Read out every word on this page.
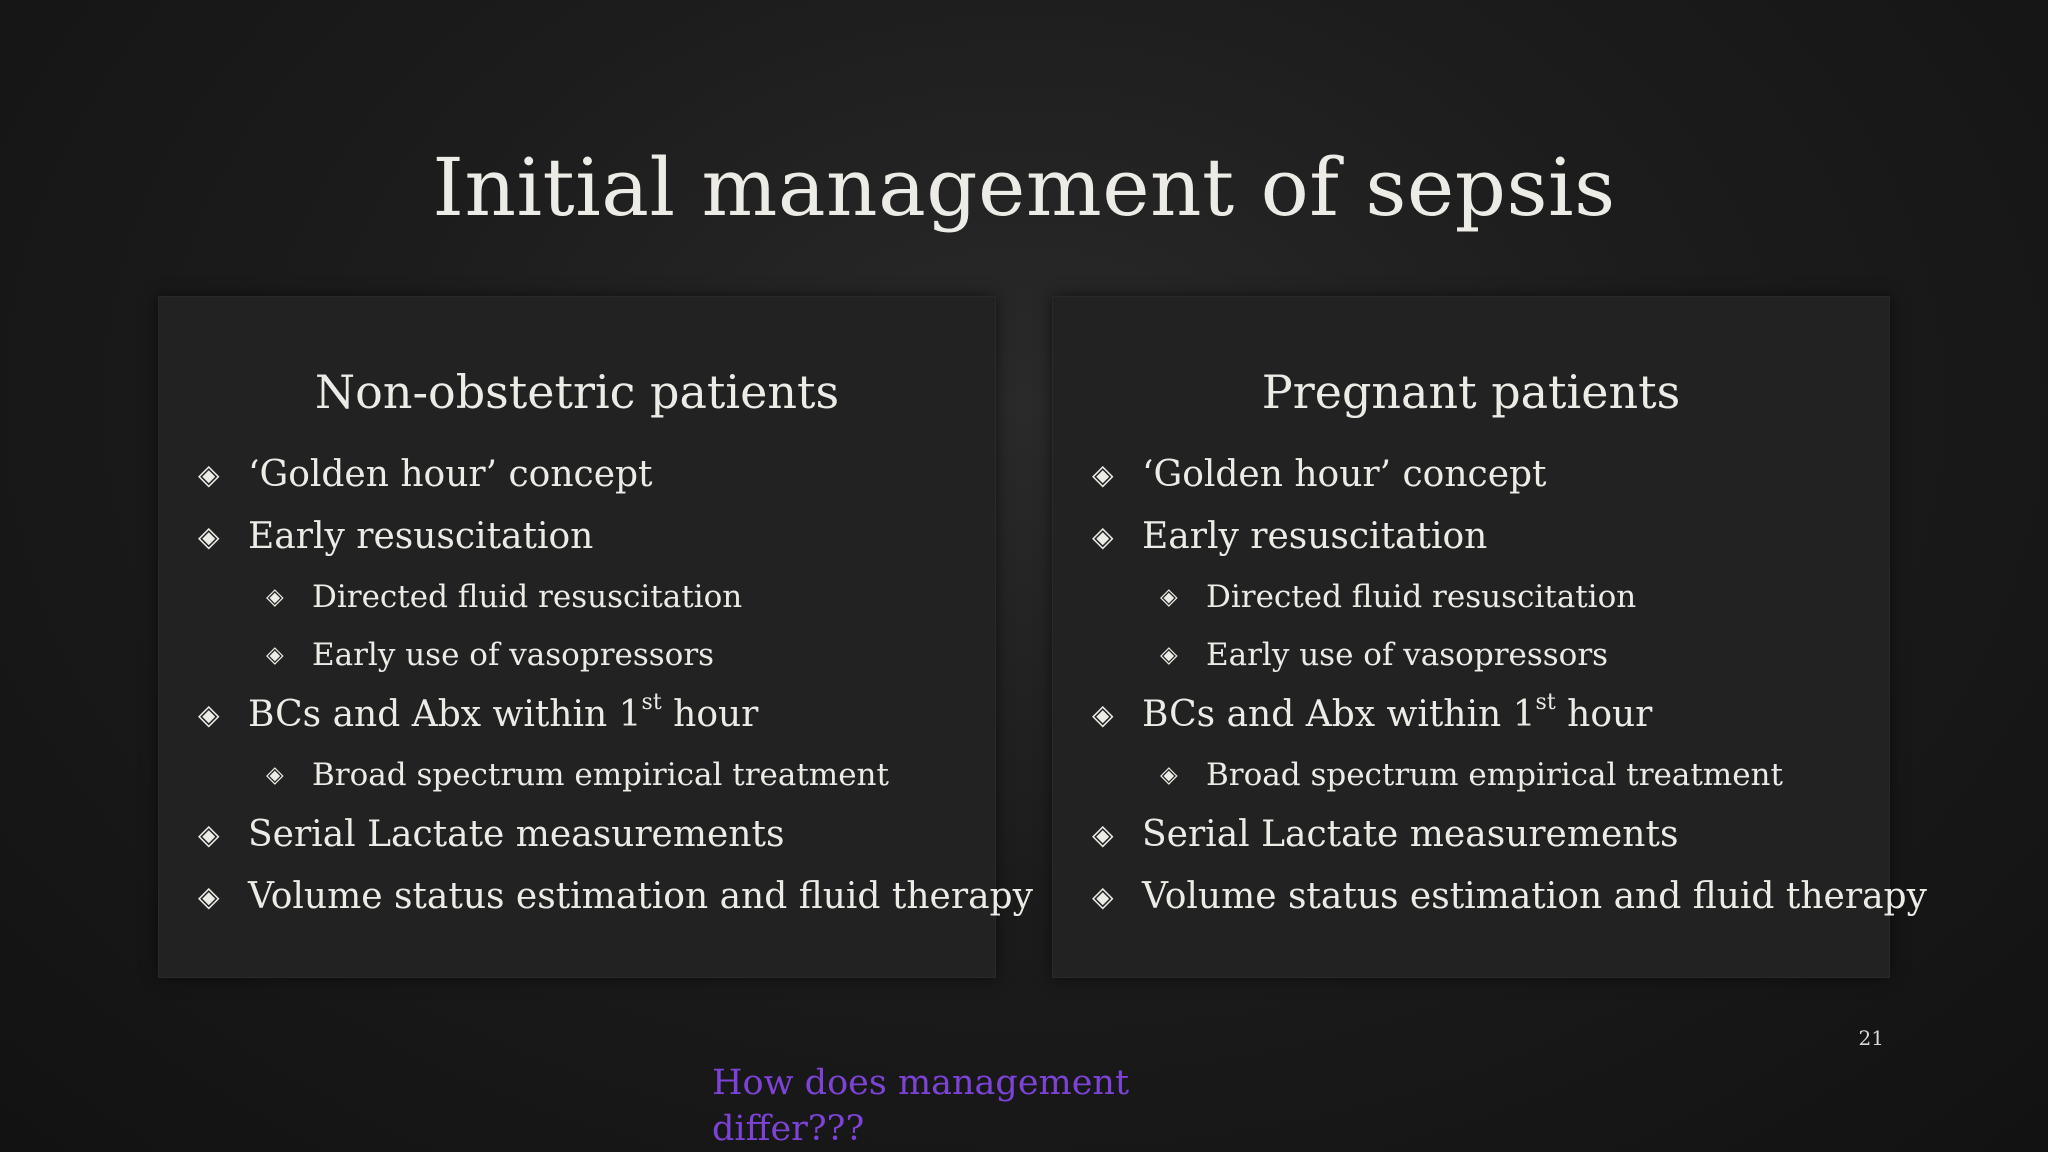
Initial management of sepsis
Non-obstetric patients
◈ ‘Golden hour’ concept
◈ Early resuscitation
◈ Directed fluid resuscitation
◈ Early use of vasopressors
◈ BCs and Abx within 1st hour
◈ Broad spectrum empirical treatment
◈ Serial Lactate measurements
◈ Volume status estimation and fluid therapy
Pregnant patients
◈ ‘Golden hour’ concept
◈ Early resuscitation
◈ Directed fluid resuscitation
◈ Early use of vasopressors
◈ BCs and Abx within 1st hour
◈ Broad spectrum empirical treatment
◈ Serial Lactate measurements
◈ Volume status estimation and fluid therapy
21
How does management differ???
